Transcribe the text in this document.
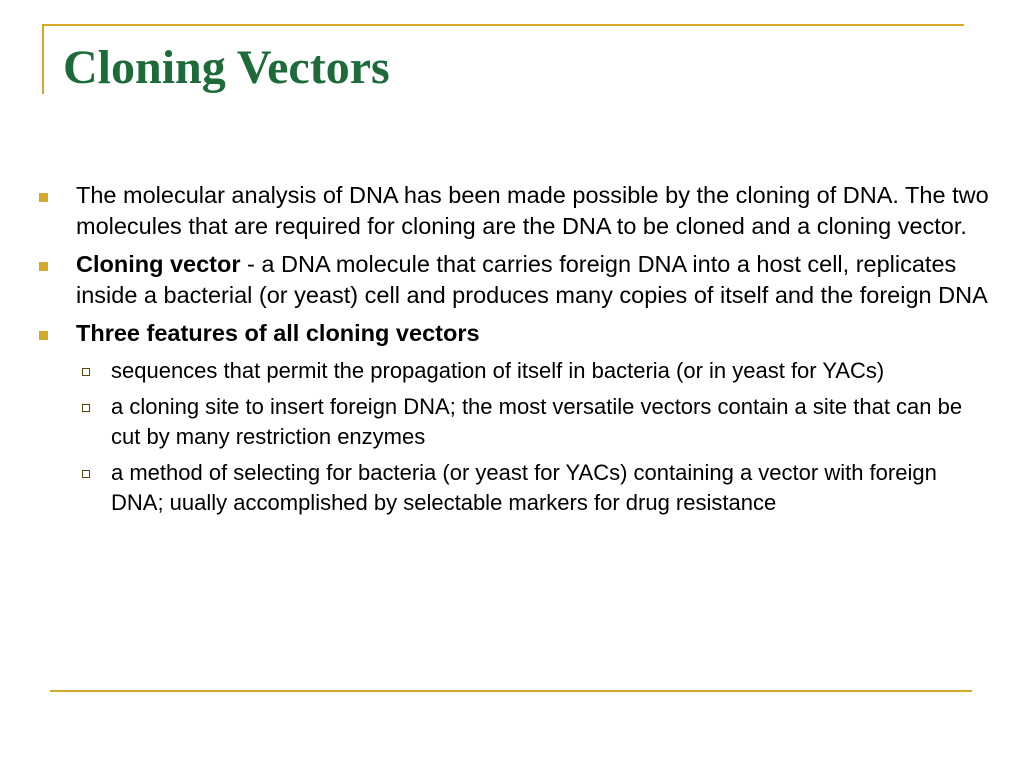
Cloning Vectors
The molecular analysis of DNA has been made possible by the cloning of DNA. The two molecules that are required for cloning are the DNA to be cloned and a cloning vector.
Cloning vector - a DNA molecule that carries foreign DNA into a host cell, replicates inside a bacterial (or yeast) cell and produces many copies of itself and the foreign DNA
Three features of all cloning vectors
sequences that permit the propagation of itself in bacteria (or in yeast for YACs)
a cloning site to insert foreign DNA; the most versatile vectors contain a site that can be cut by many restriction enzymes
a method of selecting for bacteria (or yeast for YACs) containing a vector with foreign DNA; uually accomplished by selectable markers for drug resistance
